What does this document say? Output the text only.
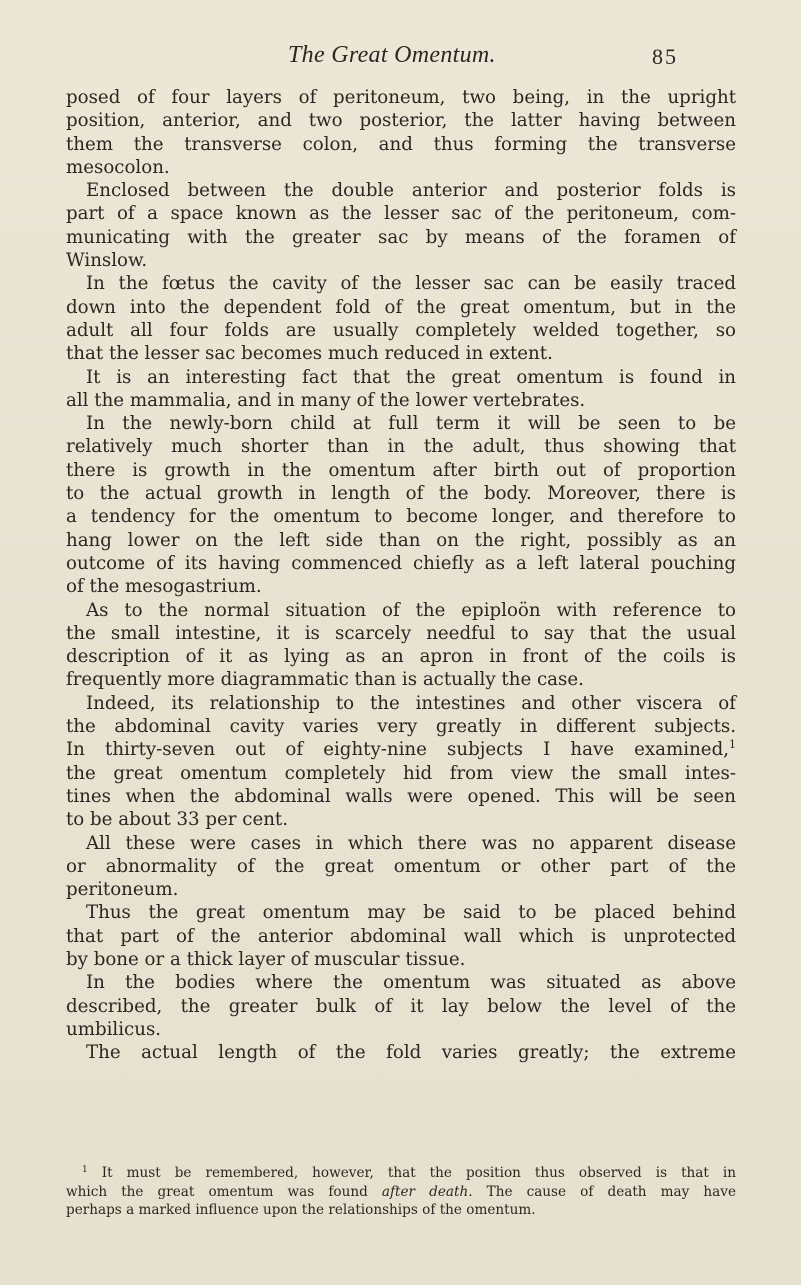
The Great Omentum.	85

posed of four layers of peritoneum, two being, in the upright
position, anterior, and two posterior, the latter having between
them the transverse colon, and thus forming the transverse
mesocolon.

Enclosed between the double anterior and posterior folds is
part of a space known as the lesser sac of the peritoneum, com-
municating with the greater sac by means of the foramen of
Winslow.

In the fœtus the cavity of the lesser sac can be easily traced
down into the dependent fold of the great omentum, but in the
adult all four folds are usually completely welded together, so
that the lesser sac becomes much reduced in extent.

It is an interesting fact that the great omentum is found in
all the mammalia, and in many of the lower vertebrates.

In the newly-born child at full term it will be seen to be
relatively much shorter than in the adult, thus showing that
there is growth in the omentum after birth out of proportion
to the actual growth in length of the body. Moreover, there is
a tendency for the omentum to become longer, and therefore to
hang lower on the left side than on the right, possibly as an
outcome of its having commenced chiefly as a left lateral pouching
of the mesogastrium.

As to the normal situation of the epiploön with reference to
the small intestine, it is scarcely needful to say that the usual
description of it as lying as an apron in front of the coils is
frequently more diagrammatic than is actually the case.

Indeed, its relationship to the intestines and other viscera of
the abdominal cavity varies very greatly in different subjects.
In thirty-seven out of eighty-nine subjects I have examined,$^1$
the great omentum completely hid from view the small intes-
tines when the abdominal walls were opened. This will be seen
to be about 33 per cent.

All these were cases in which there was no apparent disease
or abnormality of the great omentum or other part of the
peritoneum.

Thus the great omentum may be said to be placed behind
that part of the anterior abdominal wall which is unprotected
by bone or a thick layer of muscular tissue.

In the bodies where the omentum was situated as above
described, the greater bulk of it lay below the level of the
umbilicus.

The actual length of the fold varies greatly; the extreme

$^1$ It must be remembered, however, that the position thus observed is that in
which the great omentum was found after death. The cause of death may have
perhaps a marked influence upon the relationships of the omentum.
